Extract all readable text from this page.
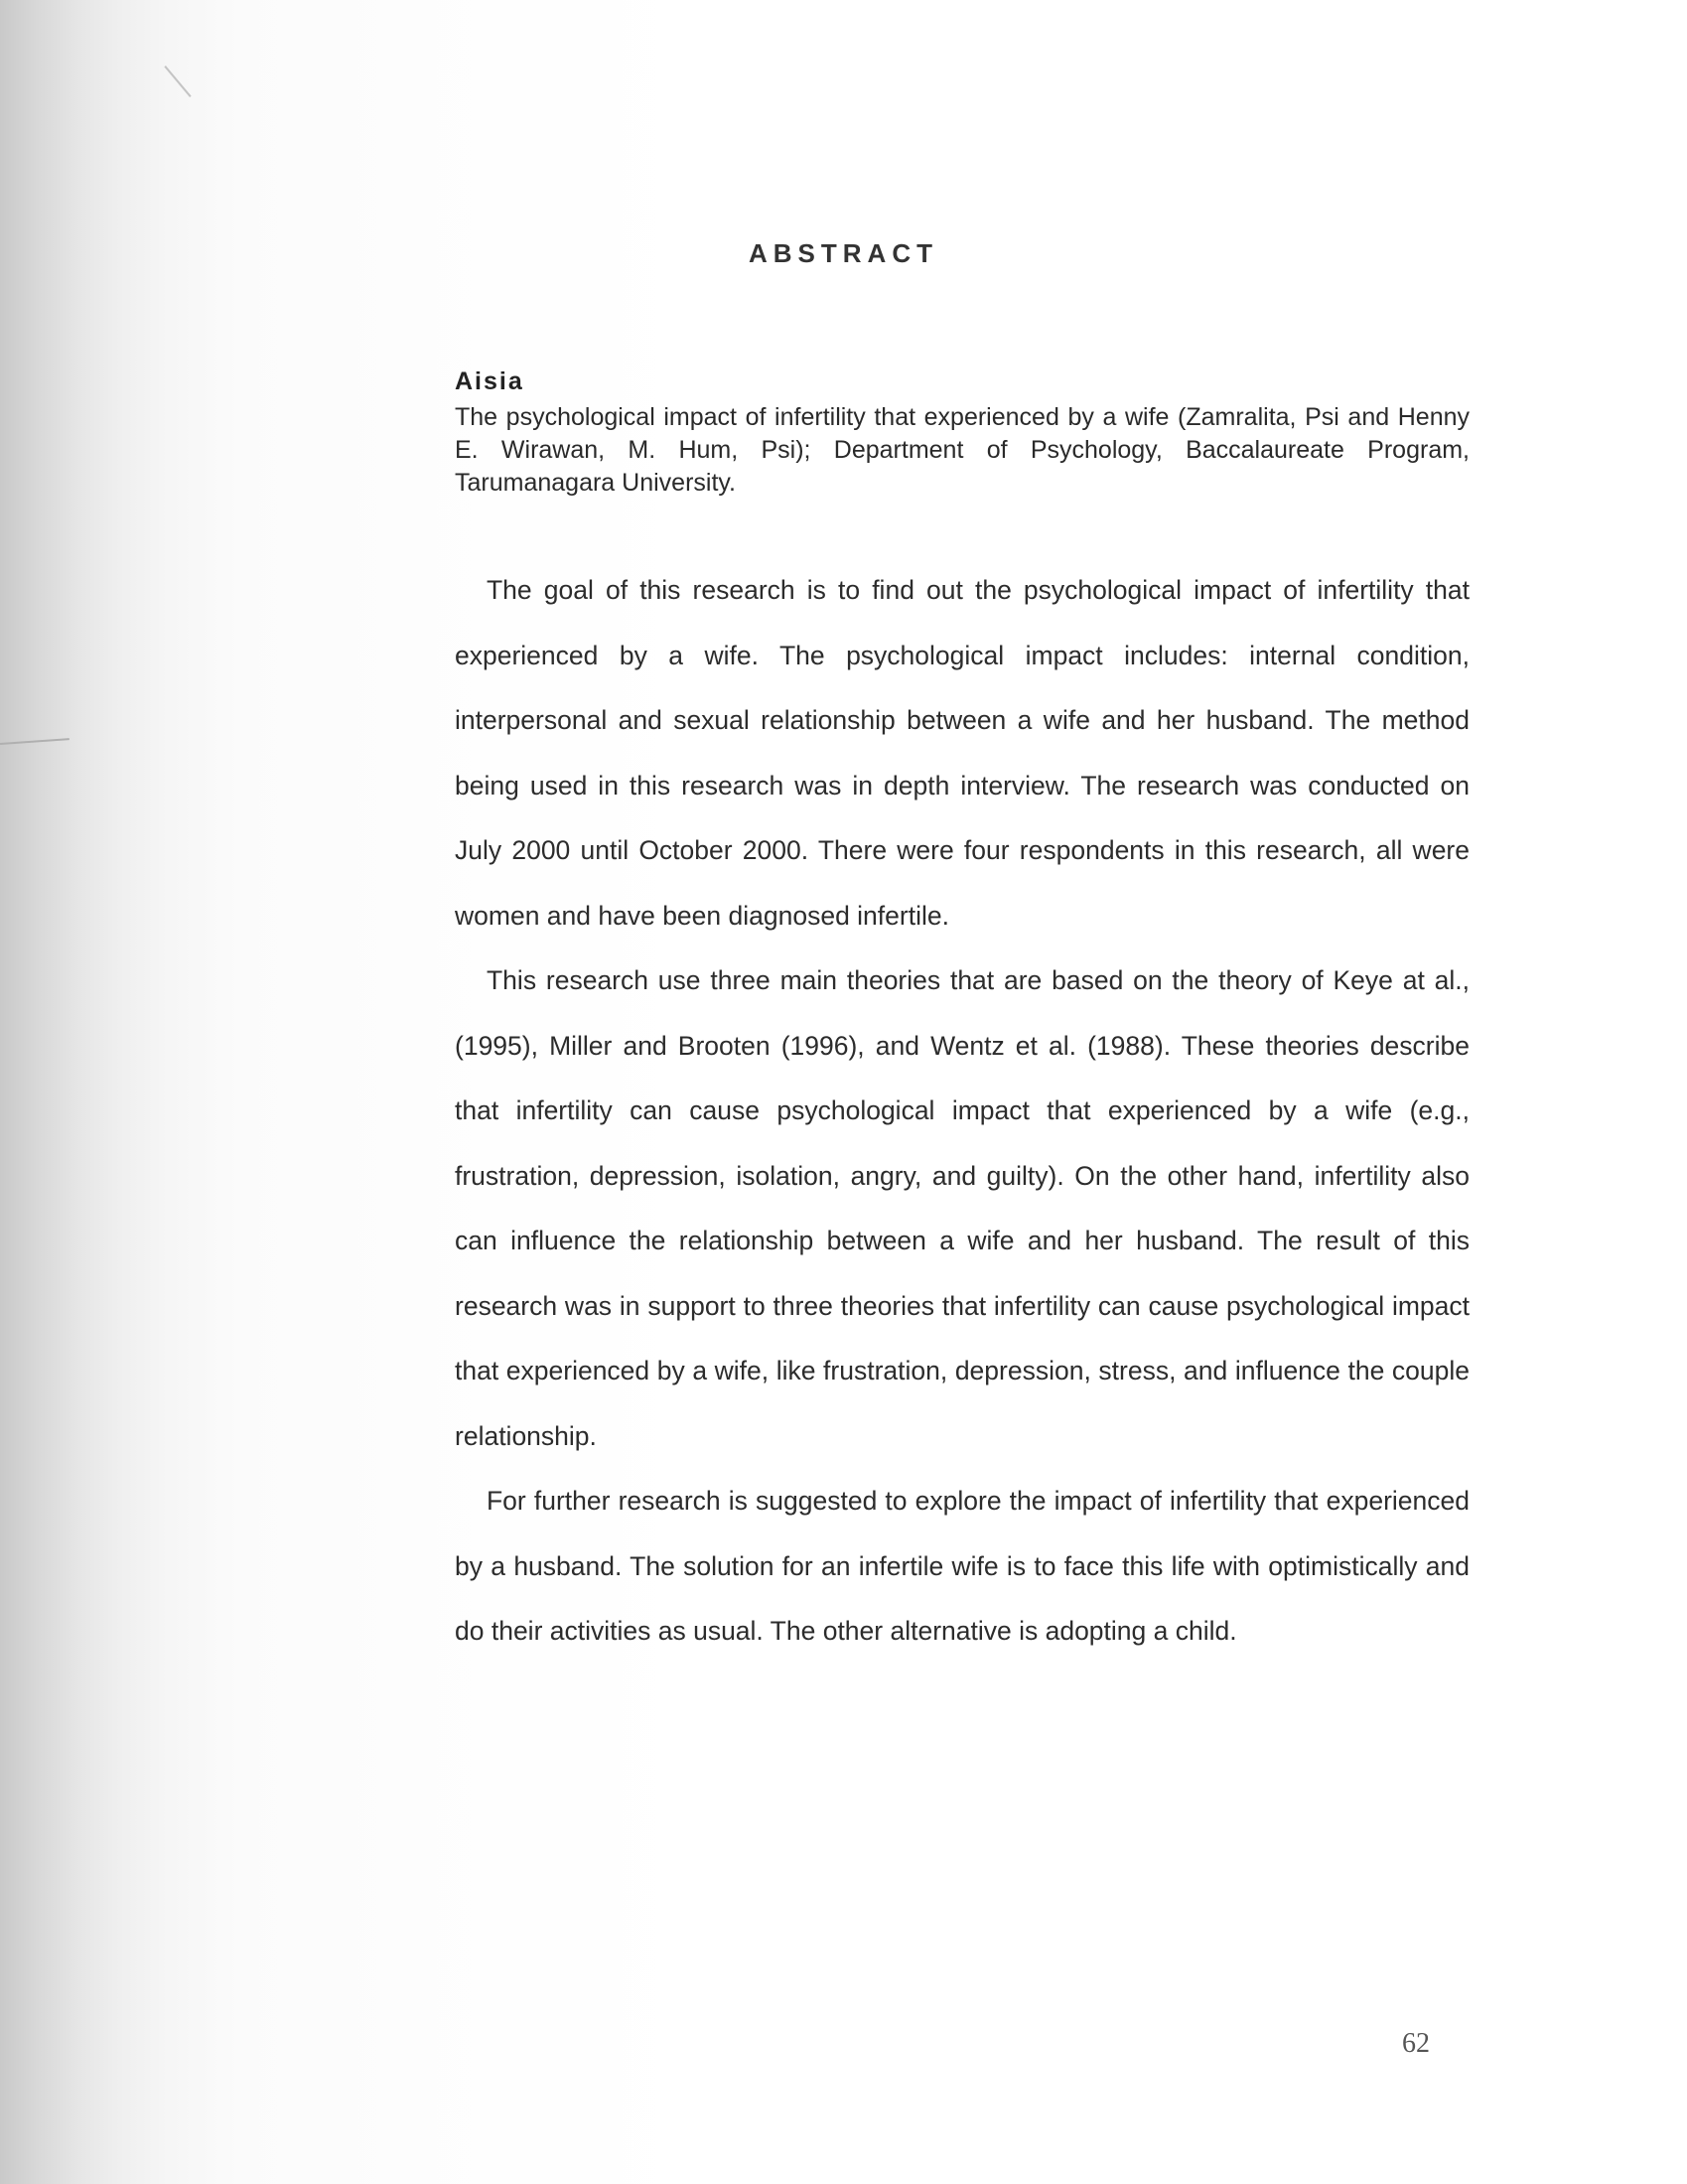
ABSTRACT
Aisia
The psychological impact of infertility that experienced by a wife (Zamralita, Psi and Henny E. Wirawan, M. Hum, Psi); Department of Psychology, Baccalaureate Program, Tarumanagara University.

The goal of this research is to find out the psychological impact of infertility that experienced by a wife. The psychological impact includes: internal condition, interpersonal and sexual relationship between a wife and her husband. The method being used in this research was in depth interview. The research was conducted on July 2000 until October 2000. There were four respondents in this research, all were women and have been diagnosed infertile.

This research use three main theories that are based on the theory of Keye at al., (1995), Miller and Brooten (1996), and Wentz et al. (1988). These theories describe that infertility can cause psychological impact that experienced by a wife (e.g., frustration, depression, isolation, angry, and guilty). On the other hand, infertility also can influence the relationship between a wife and her husband. The result of this research was in support to three theories that infertility can cause psychological impact that experienced by a wife, like frustration, depression, stress, and influence the couple relationship.

For further research is suggested to explore the impact of infertility that experienced by a husband. The solution for an infertile wife is to face this life with optimistically and do their activities as usual. The other alternative is adopting a child.

62
